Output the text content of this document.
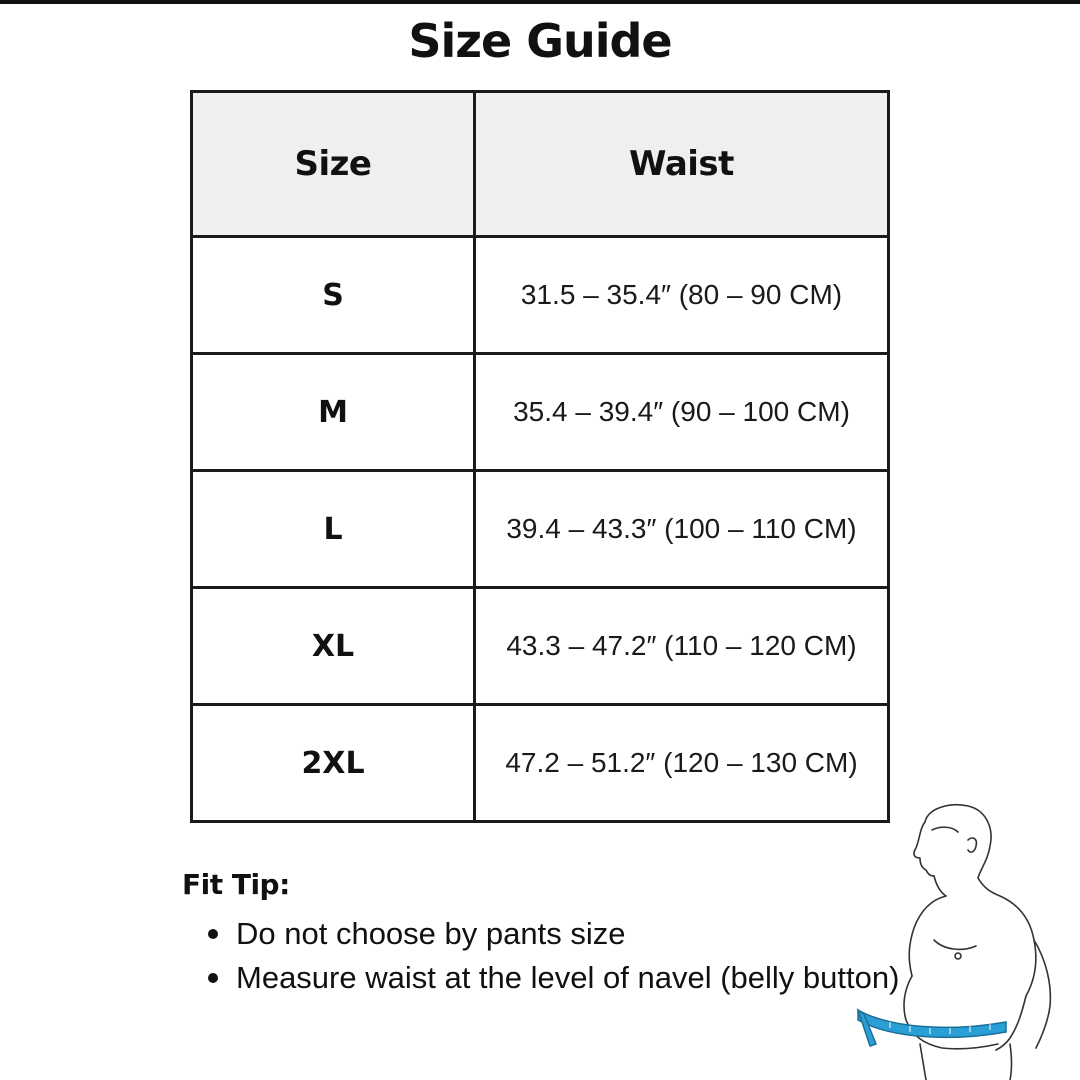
Size Guide
Size	Waist
S	31.5 – 35.4″ (80 – 90 CM)
M	35.4 – 39.4″ (90 – 100 CM)
L	39.4 – 43.3″ (100 – 110 CM)
XL	43.3 – 47.2″ (110 – 120 CM)
2XL	47.2 – 51.2″ (120 – 130 CM)
Fit Tip:
Do not choose by pants size
Measure waist at the level of navel (belly button)
